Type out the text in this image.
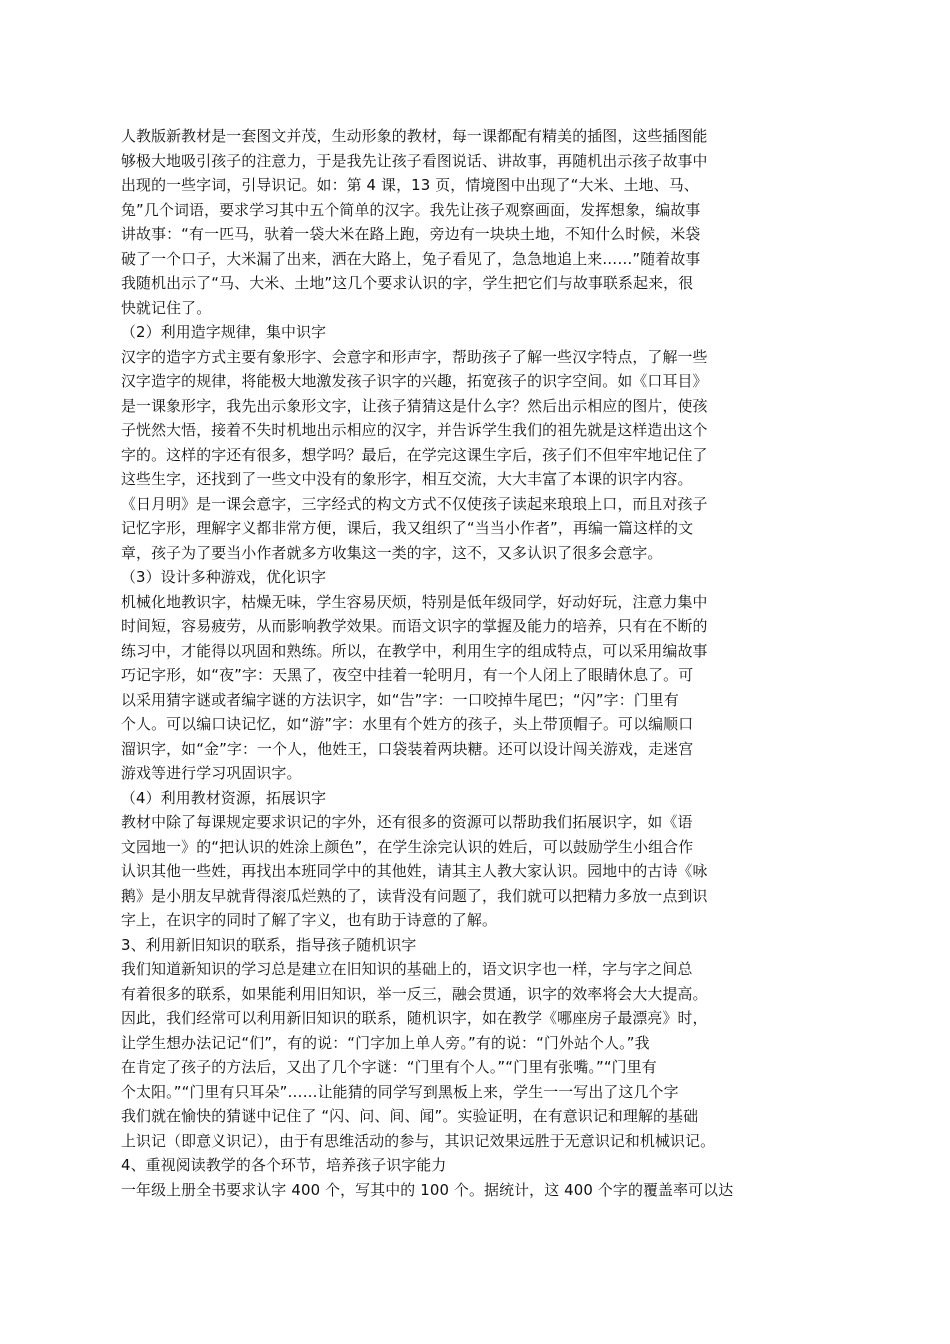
人教版新教材是一套图文并茂，生动形象的教材，每一课都配有精美的插图，这些插图能
够极大地吸引孩子的注意力，于是我先让孩子看图说话、讲故事，再随机出示孩子故事中
出现的一些字词，引导识记。如：第 4 课，13 页，情境图中出现了“大米、土地、马、
兔”几个词语，要求学习其中五个简单的汉字。我先让孩子观察画面，发挥想象，编故事
讲故事：“有一匹马，驮着一袋大米在路上跑，旁边有一块块土地，不知什么时候，米袋
破了一个口子，大米漏了出来，洒在大路上，兔子看见了，急急地追上来……”随着故事
我随机出示了“马、大米、土地”这几个要求认识的字，学生把它们与故事联系起来，很
快就记住了。
（2）利用造字规律，集中识字
汉字的造字方式主要有象形字、会意字和形声字，帮助孩子了解一些汉字特点，了解一些
汉字造字的规律，将能极大地激发孩子识字的兴趣，拓宽孩子的识字空间。如《口耳目》
是一课象形字，我先出示象形文字，让孩子猜猜这是什么字？然后出示相应的图片，使孩
子恍然大悟，接着不失时机地出示相应的汉字，并告诉学生我们的祖先就是这样造出这个
字的。这样的字还有很多，想学吗？最后，在学完这课生字后，孩子们不但牢牢地记住了
这些生字，还找到了一些文中没有的象形字，相互交流，大大丰富了本课的识字内容。
《日月明》是一课会意字，三字经式的构文方式不仅使孩子读起来琅琅上口，而且对孩子
记忆字形，理解字义都非常方便，课后，我又组织了“当当小作者”，再编一篇这样的文
章，孩子为了要当小作者就多方收集这一类的字，这不，又多认识了很多会意字。
（3）设计多种游戏，优化识字
机械化地教识字，枯燥无味，学生容易厌烦，特别是低年级同学，好动好玩，注意力集中
时间短，容易疲劳，从而影响教学效果。而语文识字的掌握及能力的培养，只有在不断的
练习中，才能得以巩固和熟练。所以，在教学中，利用生字的组成特点，可以采用编故事
巧记字形，如“夜”字：天黑了，夜空中挂着一轮明月，有一个人闭上了眼睛休息了。可
以采用猜字谜或者编字谜的方法识字，如“告”字：一口咬掉牛尾巴；“闪”字：门里有
个人。可以编口诀记忆，如“游”字：水里有个姓方的孩子，头上带顶帽子。可以编顺口
溜识字，如“金”字：一个人，他姓王，口袋装着两块糖。还可以设计闯关游戏，走迷宫
游戏等进行学习巩固识字。
（4）利用教材资源，拓展识字
教材中除了每课规定要求识记的字外，还有很多的资源可以帮助我们拓展识字，如《语
文园地一》的“把认识的姓涂上颜色”，在学生涂完认识的姓后，可以鼓励学生小组合作
认识其他一些姓，再找出本班同学中的其他姓，请其主人教大家认识。园地中的古诗《咏
鹅》是小朋友早就背得滚瓜烂熟的了，读背没有问题了，我们就可以把精力多放一点到识
字上，在识字的同时了解了字义，也有助于诗意的了解。
3、利用新旧知识的联系，指导孩子随机识字
我们知道新知识的学习总是建立在旧知识的基础上的，语文识字也一样，字与字之间总
有着很多的联系，如果能利用旧知识，举一反三，融会贯通，识字的效率将会大大提高。
因此，我们经常可以利用新旧知识的联系，随机识字，如在教学《哪座房子最漂亮》时，
让学生想办法记记“们”，有的说：“门字加上单人旁。”有的说：“门外站个人。”我
在肯定了孩子的方法后，又出了几个字谜：“门里有个人。”“门里有张嘴。”“门里有
个太阳。”“门里有只耳朵”……让能猜的同学写到黑板上来，学生一一写出了这几个字
我们就在愉快的猜谜中记住了 “闪、问、间、闻”。实验证明，在有意识记和理解的基础
上识记（即意义识记），由于有思维活动的参与，其识记效果远胜于无意识记和机械识记。
4、重视阅读教学的各个环节，培养孩子识字能力
一年级上册全书要求认字 400 个，写其中的 100 个。据统计，这 400 个字的覆盖率可以达
